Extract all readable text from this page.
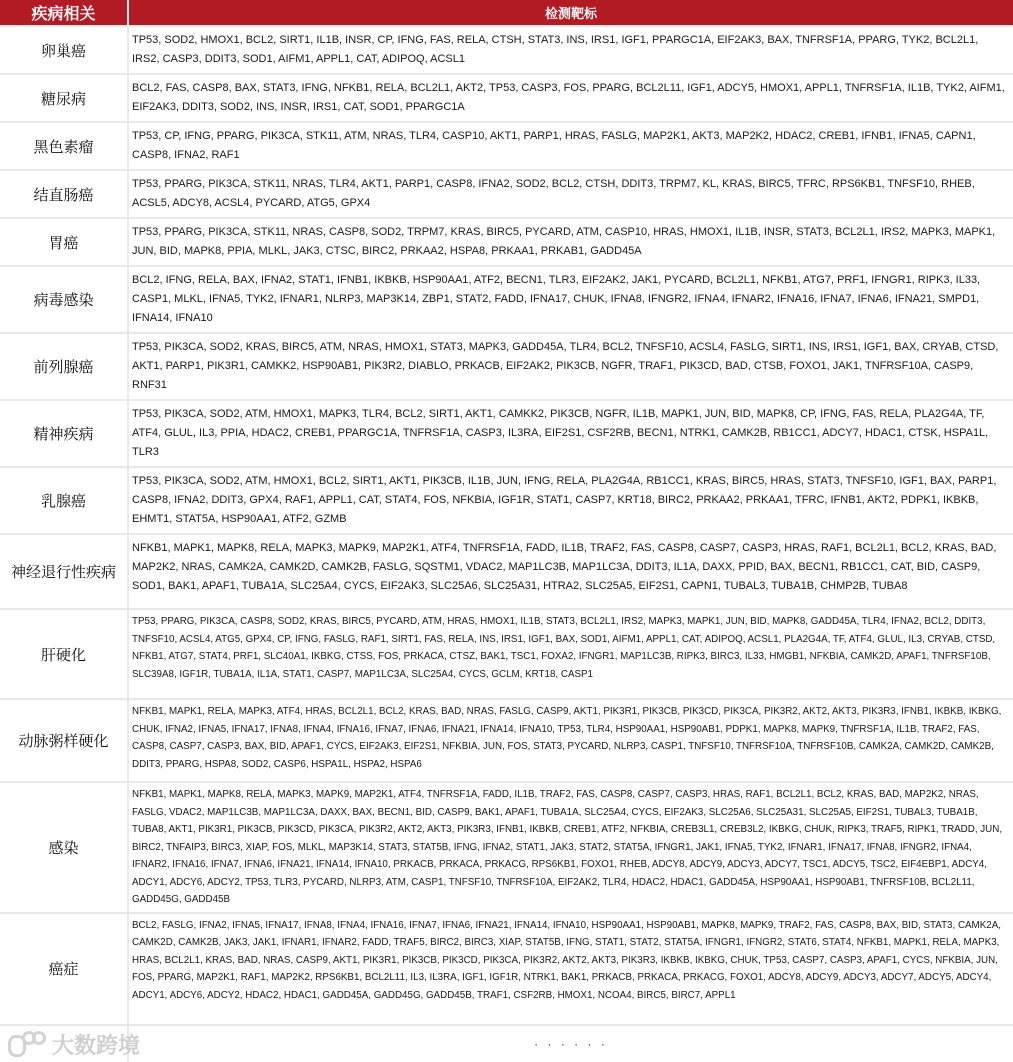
疾病相关	检测靶标
卵巢癌
TP53, SOD2, HMOX1, BCL2, SIRT1, IL1B, INSR, CP, IFNG, FAS, RELA, CTSH, STAT3, INS, IRS1, IGF1, PPARGC1A, EIF2AK3, BAX, TNFRSF1A, PPARG, TYK2, BCL2L1, IRS2, CASP3, DDIT3, SOD1, AIFM1, APPL1, CAT, ADIPOQ, ACSL1
糖尿病
BCL2, FAS, CASP8, BAX, STAT3, IFNG, NFKB1, RELA, BCL2L1, AKT2, TP53, CASP3, FOS, PPARG, BCL2L11, IGF1, ADCY5, HMOX1, APPL1, TNFRSF1A, IL1B, TYK2, AIFM1, EIF2AK3, DDIT3, SOD2, INS, INSR, IRS1, CAT, SOD1, PPARGC1A
黑色素瘤
TP53, CP, IFNG, PPARG, PIK3CA, STK11, ATM, NRAS, TLR4, CASP10, AKT1, PARP1, HRAS, FASLG, MAP2K1, AKT3, MAP2K2, HDAC2, CREB1, IFNB1, IFNA5, CAPN1, CASP8, IFNA2, RAF1
结直肠癌
TP53, PPARG, PIK3CA, STK11, NRAS, TLR4, AKT1, PARP1, CASP8, IFNA2, SOD2, BCL2, CTSH, DDIT3, TRPM7, KL, KRAS, BIRC5, TFRC, RPS6KB1, TNFSF10, RHEB, ACSL5, ADCY8, ACSL4, PYCARD, ATG5, GPX4
胃癌
TP53, PPARG, PIK3CA, STK11, NRAS, CASP8, SOD2, TRPM7, KRAS, BIRC5, PYCARD, ATM, CASP10, HRAS, HMOX1, IL1B, INSR, STAT3, BCL2L1, IRS2, MAPK3, MAPK1, JUN, BID, MAPK8, PPIA, MLKL, JAK3, CTSC, BIRC2, PRKAA2, HSPA8, PRKAA1, PRKAB1, GADD45A
病毒感染
BCL2, IFNG, RELA, BAX, IFNA2, STAT1, IFNB1, IKBKB, HSP90AA1, ATF2, BECN1, TLR3, EIF2AK2, JAK1, PYCARD, BCL2L1, NFKB1, ATG7, PRF1, IFNGR1, RIPK3, IL33, CASP1, MLKL, IFNA5, TYK2, IFNAR1, NLRP3, MAP3K14, ZBP1, STAT2, FADD, IFNA17, CHUK, IFNA8, IFNGR2, IFNA4, IFNAR2, IFNA16, IFNA7, IFNA6, IFNA21, SMPD1, IFNA14, IFNA10
前列腺癌
TP53, PIK3CA, SOD2, KRAS, BIRC5, ATM, NRAS, HMOX1, STAT3, MAPK3, GADD45A, TLR4, BCL2, TNFSF10, ACSL4, FASLG, SIRT1, INS, IRS1, IGF1, BAX, CRYAB, CTSD, AKT1, PARP1, PIK3R1, CAMKK2, HSP90AB1, PIK3R2, DIABLO, PRKACB, EIF2AK2, PIK3CB, NGFR, TRAF1, PIK3CD, BAD, CTSB, FOXO1, JAK1, TNFRSF10A, CASP9, RNF31
精神疾病
TP53, PIK3CA, SOD2, ATM, HMOX1, MAPK3, TLR4, BCL2, SIRT1, AKT1, CAMKK2, PIK3CB, NGFR, IL1B, MAPK1, JUN, BID, MAPK8, CP, IFNG, FAS, RELA, PLA2G4A, TF, ATF4, GLUL, IL3, PPIA, HDAC2, CREB1, PPARGC1A, TNFRSF1A, CASP3, IL3RA, EIF2S1, CSF2RB, BECN1, NTRK1, CAMK2B, RB1CC1, ADCY7, HDAC1, CTSK, HSPA1L, TLR3
乳腺癌
TP53, PIK3CA, SOD2, ATM, HMOX1, BCL2, SIRT1, AKT1, PIK3CB, IL1B, JUN, IFNG, RELA, PLA2G4A, RB1CC1, KRAS, BIRC5, HRAS, STAT3, TNFSF10, IGF1, BAX, PARP1, CASP8, IFNA2, DDIT3, GPX4, RAF1, APPL1, CAT, STAT4, FOS, NFKBIA, IGF1R, STAT1, CASP7, KRT18, BIRC2, PRKAA2, PRKAA1, TFRC, IFNB1, AKT2, PDPK1, IKBKB, EHMT1, STAT5A, HSP90AA1, ATF2, GZMB
神经退行性疾病
NFKB1, MAPK1, MAPK8, RELA, MAPK3, MAPK9, MAP2K1, ATF4, TNFRSF1A, FADD, IL1B, TRAF2, FAS, CASP8, CASP7, CASP3, HRAS, RAF1, BCL2L1, BCL2, KRAS, BAD, MAP2K2, NRAS, CAMK2A, CAMK2D, CAMK2B, FASLG, SQSTM1, VDAC2, MAP1LC3B, MAP1LC3A, DDIT3, IL1A, DAXX, PPID, BAX, BECN1, RB1CC1, CAT, BID, CASP9, SOD1, BAK1, APAF1, TUBA1A, SLC25A4, CYCS, EIF2AK3, SLC25A6, SLC25A31, HTRA2, SLC25A5, EIF2S1, CAPN1, TUBAL3, TUBA1B, CHMP2B, TUBA8
肝硬化
TP53, PPARG, PIK3CA, CASP8, SOD2, KRAS, BIRC5, PYCARD, ATM, HRAS, HMOX1, IL1B, STAT3, BCL2L1, IRS2, MAPK3, MAPK1, JUN, BID, MAPK8, GADD45A, TLR4, IFNA2, BCL2, DDIT3, TNFSF10, ACSL4, ATG5, GPX4, CP, IFNG, FASLG, RAF1, SIRT1, FAS, RELA, INS, IRS1, IGF1, BAX, SOD1, AIFM1, APPL1, CAT, ADIPOQ, ACSL1, PLA2G4A, TF, ATF4, GLUL, IL3, CRYAB, CTSD, NFKB1, ATG7, STAT4, PRF1, SLC40A1, IKBKG, CTSS, FOS, PRKACA, CTSZ, BAK1, TSC1, FOXA2, IFNGR1, MAP1LC3B, RIPK3, BIRC3, IL33, HMGB1, NFKBIA, CAMK2D, APAF1, TNFRSF10B, SLC39A8, IGF1R, TUBA1A, IL1A, STAT1, CASP7, MAP1LC3A, SLC25A4, CYCS, GCLM, KRT18, CASP1
动脉粥样硬化
NFKB1, MAPK1, RELA, MAPK3, ATF4, HRAS, BCL2L1, BCL2, KRAS, BAD, NRAS, FASLG, CASP9, AKT1, PIK3R1, PIK3CB, PIK3CD, PIK3CA, PIK3R2, AKT2, AKT3, PIK3R3, IFNB1, IKBKB, IKBKG, CHUK, IFNA2, IFNA5, IFNA17, IFNA8, IFNA4, IFNA16, IFNA7, IFNA6, IFNA21, IFNA14, IFNA10, TP53, TLR4, HSP90AA1, HSP90AB1, PDPK1, MAPK8, MAPK9, TNFRSF1A, IL1B, TRAF2, FAS, CASP8, CASP7, CASP3, BAX, BID, APAF1, CYCS, EIF2AK3, EIF2S1, NFKBIA, JUN, FOS, STAT3, PYCARD, NLRP3, CASP1, TNFSF10, TNFRSF10A, TNFRSF10B, CAMK2A, CAMK2D, CAMK2B, DDIT3, PPARG, HSPA8, SOD2, CASP6, HSPA1L, HSPA2, HSPA6
感染
NFKB1, MAPK1, MAPK8, RELA, MAPK3, MAPK9, MAP2K1, ATF4, TNFRSF1A, FADD, IL1B, TRAF2, FAS, CASP8, CASP7, CASP3, HRAS, RAF1, BCL2L1, BCL2, KRAS, BAD, MAP2K2, NRAS, FASLG, VDAC2, MAP1LC3B, MAP1LC3A, DAXX, BAX, BECN1, BID, CASP9, BAK1, APAF1, TUBA1A, SLC25A4, CYCS, EIF2AK3, SLC25A6, SLC25A31, SLC25A5, EIF2S1, TUBAL3, TUBA1B, TUBA8, AKT1, PIK3R1, PIK3CB, PIK3CD, PIK3CA, PIK3R2, AKT2, AKT3, PIK3R3, IFNB1, IKBKB, CREB1, ATF2, NFKBIA, CREB3L1, CREB3L2, IKBKG, CHUK, RIPK3, TRAF5, RIPK1, TRADD, JUN, BIRC2, TNFAIP3, BIRC3, XIAP, FOS, MLKL, MAP3K14, STAT3, STAT5B, IFNG, IFNA2, STAT1, JAK3, STAT2, STAT5A, IFNGR1, JAK1, IFNA5, TYK2, IFNAR1, IFNA17, IFNA8, IFNGR2, IFNA4, IFNAR2, IFNA16, IFNA7, IFNA6, IFNA21, IFNA14, IFNA10, PRKACB, PRKACA, PRKACG, RPS6KB1, FOXO1, RHEB, ADCY8, ADCY9, ADCY3, ADCY7, TSC1, ADCY5, TSC2, EIF4EBP1, ADCY4, ADCY1, ADCY6, ADCY2, TP53, TLR3, PYCARD, NLRP3, ATM, CASP1, TNFSF10, TNFRSF10A, EIF2AK2, TLR4, HDAC2, HDAC1, GADD45A, HSP90AA1, HSP90AB1, TNFRSF10B, BCL2L11, GADD45G, GADD45B
癌症
BCL2, FASLG, IFNA2, IFNA5, IFNA17, IFNA8, IFNA4, IFNA16, IFNA7, IFNA6, IFNA21, IFNA14, IFNA10, HSP90AA1, HSP90AB1, MAPK8, MAPK9, TRAF2, FAS, CASP8, BAX, BID, STAT3, CAMK2A, CAMK2D, CAMK2B, JAK3, JAK1, IFNAR1, IFNAR2, FADD, TRAF5, BIRC2, BIRC3, XIAP, STAT5B, IFNG, STAT1, STAT2, STAT5A, IFNGR1, IFNGR2, STAT6, STAT4, NFKB1, MAPK1, RELA, MAPK3, HRAS, BCL2L1, KRAS, BAD, NRAS, CASP9, AKT1, PIK3R1, PIK3CB, PIK3CD, PIK3CA, PIK3R2, AKT2, AKT3, PIK3R3, IKBKB, IKBKG, CHUK, TP53, CASP7, CASP3, APAF1, CYCS, NFKBIA, JUN, FOS, PPARG, MAP2K1, RAF1, MAP2K2, RPS6KB1, BCL2L11, IL3, IL3RA, IGF1, IGF1R, NTRK1, BAK1, PRKACB, PRKACA, PRKACG, FOXO1, ADCY8, ADCY9, ADCY3, ADCY7, ADCY5, ADCY4, ADCY1, ADCY6, ADCY2, HDAC2, HDAC1, GADD45A, GADD45G, GADD45B, TRAF1, CSF2RB, HMOX1, NCOA4, BIRC5, BIRC7, APPL1
· · · · · ·
大数跨境
